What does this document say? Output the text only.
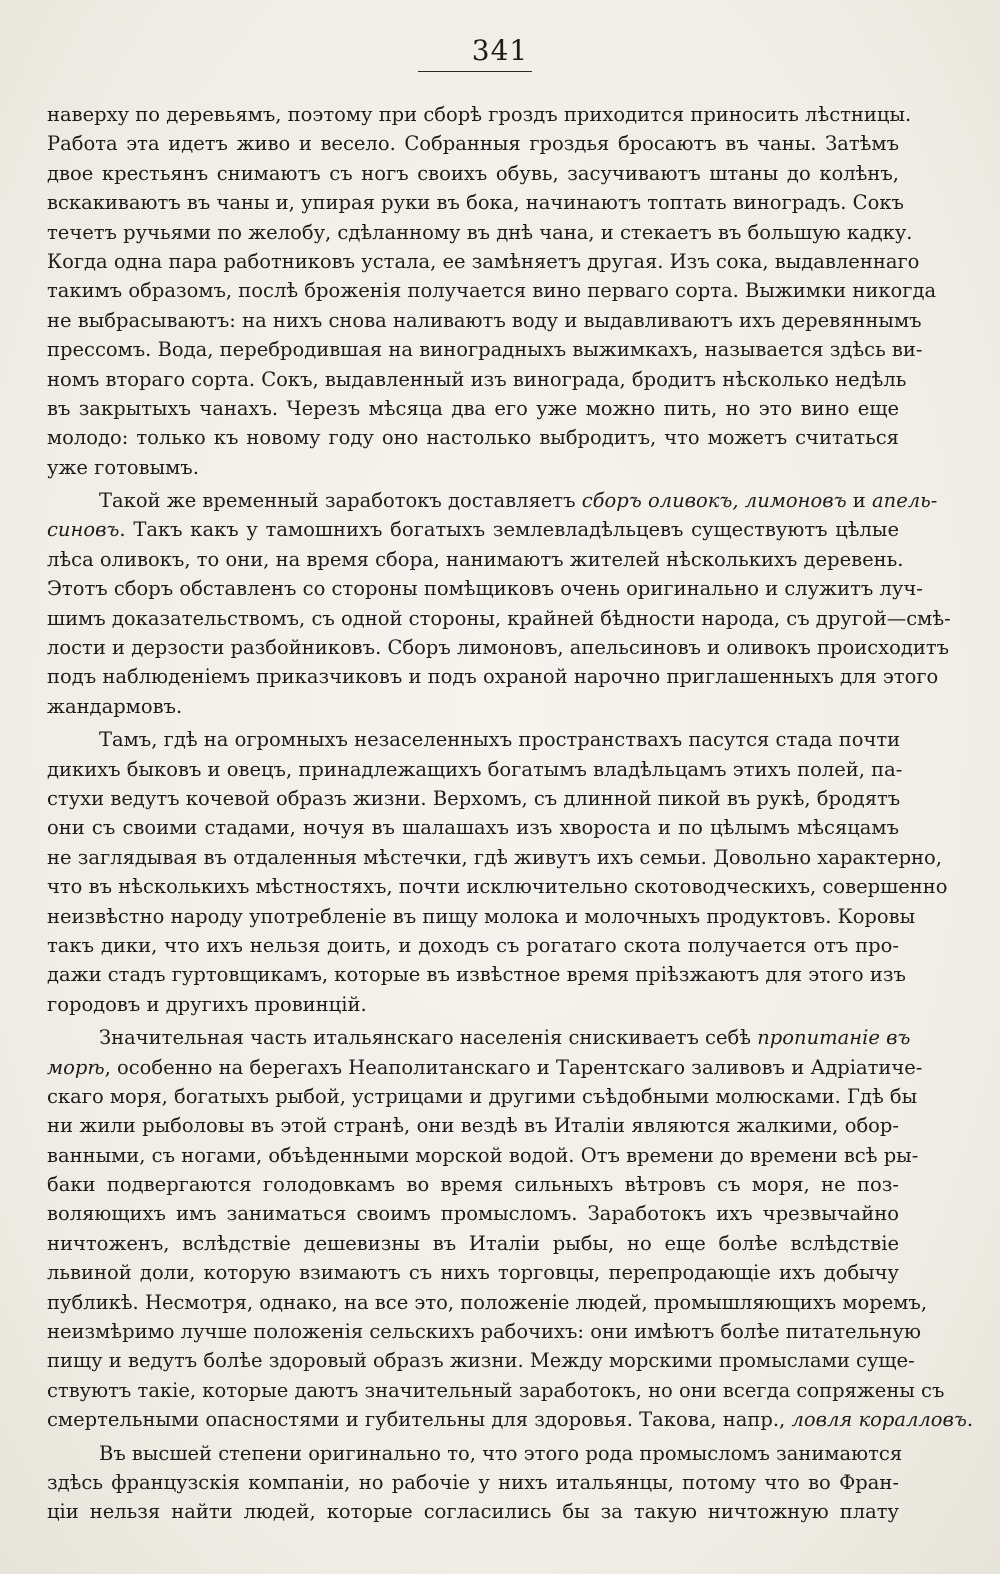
341
наверху по деревьямъ, поэтому при сборѣ гроздъ приходится приносить лѣстницы.
Работа эта идетъ живо и весело. Собранныя гроздья бросаютъ въ чаны. Затѣмъ
двое крестьянъ снимаютъ съ ногъ своихъ обувь, засучиваютъ штаны до колѣнъ,
вскакиваютъ въ чаны и, упирая руки въ бока, начинаютъ топтать виноградъ. Сокъ
течетъ ручьями по желобу, сдѣланному въ днѣ чана, и стекаетъ въ большую кадку.
Когда одна пара работниковъ устала, ее замѣняетъ другая. Изъ сока, выдавленнаго
такимъ образомъ, послѣ броженія получается вино перваго сорта. Выжимки никогда
не выбрасываютъ: на нихъ снова наливаютъ воду и выдавливаютъ ихъ деревяннымъ
прессомъ. Вода, перебродившая на виноградныхъ выжимкахъ, называется здѣсь ви-
номъ втораго сорта. Сокъ, выдавленный изъ винограда, бродитъ нѣсколько недѣль
въ закрытыхъ чанахъ. Черезъ мѣсяца два его уже можно пить, но это вино еще
молодо: только къ новому году оно настолько выбродитъ, что можетъ считаться
уже готовымъ.
Такой же временный заработокъ доставляетъ сборъ оливокъ, лимоновъ и апель-
синовъ. Такъ какъ у тамошнихъ богатыхъ землевладѣльцевъ существуютъ цѣлые
лѣса оливокъ, то они, на время сбора, нанимаютъ жителей нѣсколькихъ деревень.
Этотъ сборъ обставленъ со стороны помѣщиковъ очень оригинально и служитъ луч-
шимъ доказательствомъ, съ одной стороны, крайней бѣдности народа, съ другой—смѣ-
лости и дерзости разбойниковъ. Сборъ лимоновъ, апельсиновъ и оливокъ происходитъ
подъ наблюденіемъ приказчиковъ и подъ охраной нарочно приглашенныхъ для этого
жандармовъ.
Тамъ, гдѣ на огромныхъ незаселенныхъ пространствахъ пасутся стада почти
дикихъ быковъ и овецъ, принадлежащихъ богатымъ владѣльцамъ этихъ полей, па-
стухи ведутъ кочевой образъ жизни. Верхомъ, съ длинной пикой въ рукѣ, бродятъ
они съ своими стадами, ночуя въ шалашахъ изъ хвороста и по цѣлымъ мѣсяцамъ
не заглядывая въ отдаленныя мѣстечки, гдѣ живутъ ихъ семьи. Довольно характерно,
что въ нѣсколькихъ мѣстностяхъ, почти исключительно скотоводческихъ, совершенно
неизвѣстно народу употребленіе въ пищу молока и молочныхъ продуктовъ. Коровы
такъ дики, что ихъ нельзя доить, и доходъ съ рогатаго скота получается отъ про-
дажи стадъ гуртовщикамъ, которые въ извѣстное время пріѣзжаютъ для этого изъ
городовъ и другихъ провинцій.
Значительная часть итальянскаго населенія снискиваетъ себѣ пропитаніе въ
морѣ, особенно на берегахъ Неаполитанскаго и Тарентскаго заливовъ и Адріатиче-
скаго моря, богатыхъ рыбой, устрицами и другими съѣдобными молюсками. Гдѣ бы
ни жили рыболовы въ этой странѣ, они вездѣ въ Италіи являются жалкими, обор-
ванными, съ ногами, объѣденными морской водой. Отъ времени до времени всѣ ры-
баки подвергаются голодовкамъ во время сильныхъ вѣтровъ съ моря, не поз-
воляющихъ имъ заниматься своимъ промысломъ. Заработокъ ихъ чрезвычайно
ничтоженъ, вслѣдствіе дешевизны въ Италіи рыбы, но еще болѣе вслѣдствіе
львиной доли, которую взимаютъ съ нихъ торговцы, перепродающіе ихъ добычу
публикѣ. Несмотря, однако, на все это, положеніе людей, промышляющихъ моремъ,
неизмѣримо лучше положенія сельскихъ рабочихъ: они имѣютъ болѣе питательную
пищу и ведутъ болѣе здоровый образъ жизни. Между морскими промыслами суще-
ствуютъ такіе, которые даютъ значительный заработокъ, но они всегда сопряжены съ
смертельными опасностями и губительны для здоровья. Такова, напр., ловля коралловъ.
Въ высшей степени оригинально то, что этого рода промысломъ занимаются
здѣсь французскія компаніи, но рабочіе у нихъ итальянцы, потому что во Фран-
ціи нельзя найти людей, которые согласились бы за такую ничтожную плату
